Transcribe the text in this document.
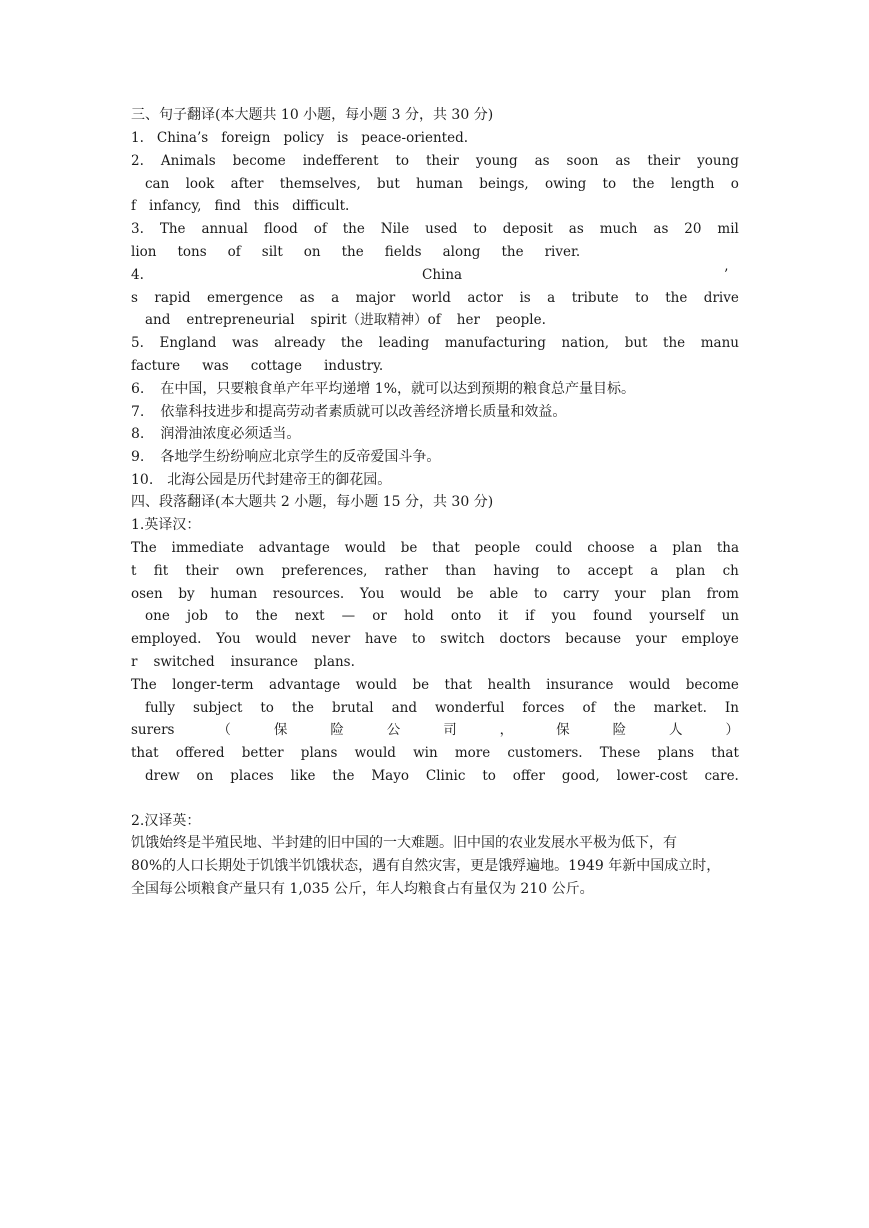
三、句子翻译(本大题共 10 小题，每小题 3 分，共 30 分)
1. China’s foreign policy is peace-oriented.
2. Animals become indefferent to their young as soon as their young
can look after themselves, but human beings, owing to the length o
f infancy, find this difficult.
3. The annual flood of the Nile used to deposit as much as 20 mil
lion tons of silt on the fields along the river.
4.	China	’
s rapid emergence as a major world actor is a tribute to the drive
and entrepreneurial spirit（进取精神）of her people.
5. England was already the leading manufacturing nation, but the manu
facture was cottage industry.
6. 在中国，只要粮食单产年平均递增 1%，就可以达到预期的粮食总产量目标。
7. 依靠科技进步和提高劳动者素质就可以改善经济增长质量和效益。
8. 润滑油浓度必须适当。
9. 各地学生纷纷响应北京学生的反帝爱国斗争。
10. 北海公园是历代封建帝王的御花园。
四、段落翻译(本大题共 2 小题，每小题 15 分，共 30 分)
1.英译汉：
The immediate advantage would be that people could choose a plan tha
t fit their own preferences, rather than having to accept a plan ch
osen by human resources. You would be able to carry your plan from
one job to the next — or hold onto it if you found yourself un
employed. You would never have to switch doctors because your employe
r switched insurance plans.
The longer-term advantage would be that health insurance would become
fully subject to the brutal and wonderful forces of the market. In
surers	（	保	险	公	司	，	保	险	人	）
that offered better plans would win more customers. These plans that
drew on places like the Mayo Clinic to offer good, lower-cost care.
2.汉译英：
饥饿始终是半殖民地、半封建的旧中国的一大难题。旧中国的农业发展水平极为低下，有
80%的人口长期处于饥饿半饥饿状态，遇有自然灾害，更是饿殍遍地。1949 年新中国成立时，
全国每公顷粮食产量只有 1,035 公斤，年人均粮食占有量仅为 210 公斤。
